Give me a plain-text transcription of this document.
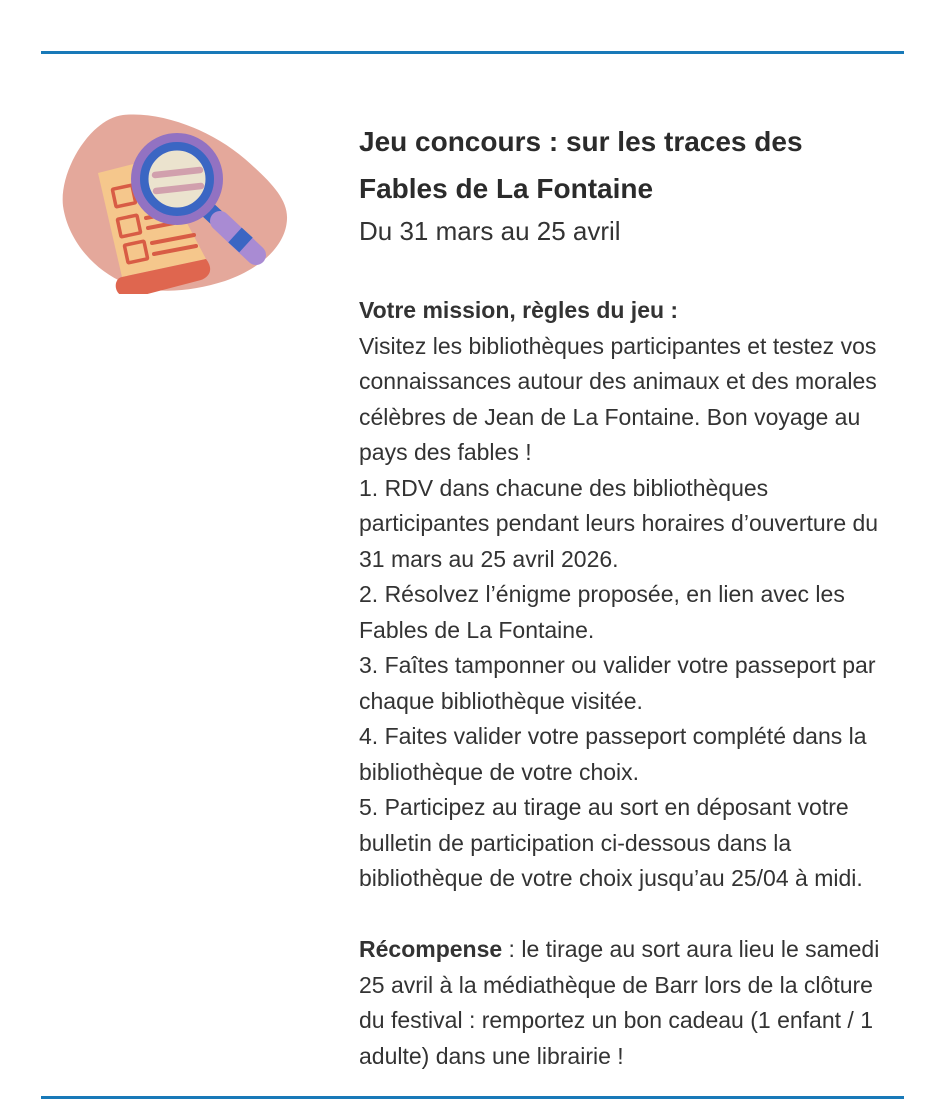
Jeu concours : sur les traces des Fables de La Fontaine
Du 31 mars au 25 avril
Votre mission, règles du jeu :
Visitez les bibliothèques participantes et testez vos connaissances autour des animaux et des morales célèbres de Jean de La Fontaine. Bon voyage au pays des fables !
1. RDV dans chacune des bibliothèques participantes pendant leurs horaires d’ouverture du 31 mars au 25 avril 2026.
2. Résolvez l’énigme proposée, en lien avec les Fables de La Fontaine.
3. Faîtes tamponner ou valider votre passeport par chaque bibliothèque visitée.
4. Faites valider votre passeport complété dans la bibliothèque de votre choix.
5. Participez au tirage au sort en déposant votre bulletin de participation ci-dessous dans la bibliothèque de votre choix jusqu’au 25/04 à midi.
Récompense : le tirage au sort aura lieu le samedi 25 avril à la médiathèque de Barr lors de la clôture du festival : remportez un bon cadeau (1 enfant / 1 adulte) dans une librairie !
